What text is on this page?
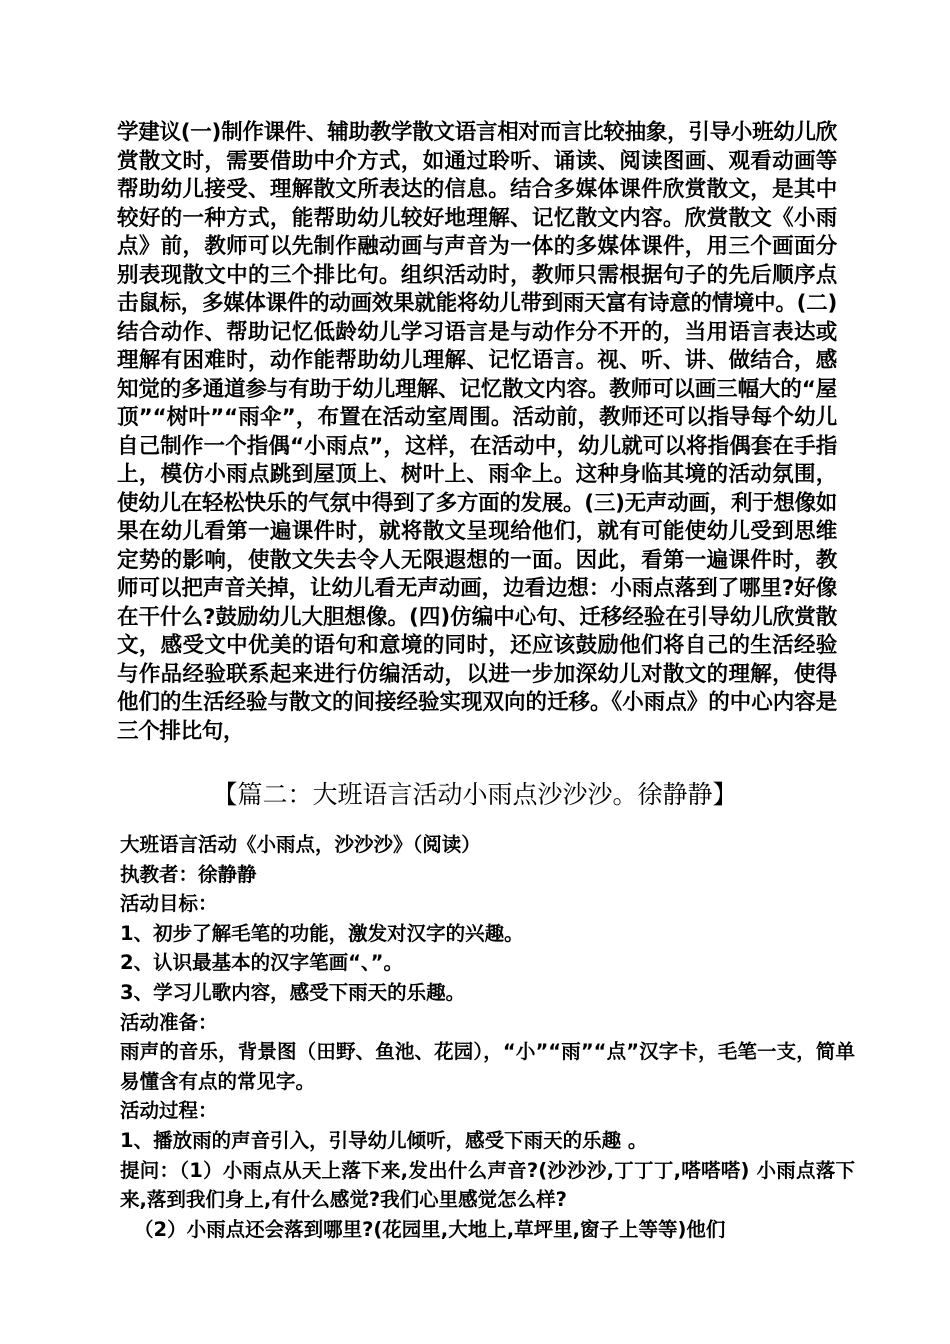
学建议(一)制作课件、辅助教学散文语言相对而言比较抽象，引导小班幼儿欣赏散文时，需要借助中介方式，如通过聆听、诵读、阅读图画、观看动画等帮助幼儿接受、理解散文所表达的信息。结合多媒体课件欣赏散文，是其中较好的一种方式，能帮助幼儿较好地理解、记忆散文内容。欣赏散文《小雨点》前，教师可以先制作融动画与声音为一体的多媒体课件，用三个画面分别表现散文中的三个排比句。组织活动时，教师只需根据句子的先后顺序点击鼠标，多媒体课件的动画效果就能将幼儿带到雨天富有诗意的情境中。(二)结合动作、帮助记忆低龄幼儿学习语言是与动作分不开的，当用语言表达或理解有困难时，动作能帮助幼儿理解、记忆语言。视、听、讲、做结合，感知觉的多通道参与有助于幼儿理解、记忆散文内容。教师可以画三幅大的“屋顶”“树叶”“雨伞”，布置在活动室周围。活动前，教师还可以指导每个幼儿自己制作一个指偶“小雨点”，这样，在活动中，幼儿就可以将指偶套在手指上，模仿小雨点跳到屋顶上、树叶上、雨伞上。这种身临其境的活动氛围，使幼儿在轻松快乐的气氛中得到了多方面的发展。(三)无声动画，利于想像如果在幼儿看第一遍课件时，就将散文呈现给他们，就有可能使幼儿受到思维定势的影响，使散文失去令人无限遐想的一面。因此，看第一遍课件时，教师可以把声音关掉，让幼儿看无声动画，边看边想：小雨点落到了哪里?好像在干什么?鼓励幼儿大胆想像。(四)仿编中心句、迁移经验在引导幼儿欣赏散文，感受文中优美的语句和意境的同时，还应该鼓励他们将自己的生活经验与作品经验联系起来进行仿编活动，以进一步加深幼儿对散文的理解，使得他们的生活经验与散文的间接经验实现双向的迁移。《小雨点》的中心内容是三个排比句，

【篇二：大班语言活动小雨点沙沙沙。徐静静】
大班语言活动《小雨点，沙沙沙》（阅读）
执教者：徐静静
活动目标：
1、初步了解毛笔的功能，激发对汉字的兴趣。
2、认识最基本的汉字笔画“、”。
3、学习儿歌内容，感受下雨天的乐趣。
活动准备：
雨声的音乐，背景图（田野、鱼池、花园），“小”“雨”“点”汉字卡，毛笔一支，简单易懂含有点的常见字。
活动过程：
1、播放雨的声音引入，引导幼儿倾听，感受下雨天的乐趣 。
提问：（1）小雨点从天上落下来,发出什么声音?(沙沙沙,丁丁丁,嗒嗒嗒) 小雨点落下来,落到我们身上,有什么感觉?我们心里感觉怎么样?
（2）小雨点还会落到哪里?(花园里,大地上,草坪里,窗子上等等)他们
